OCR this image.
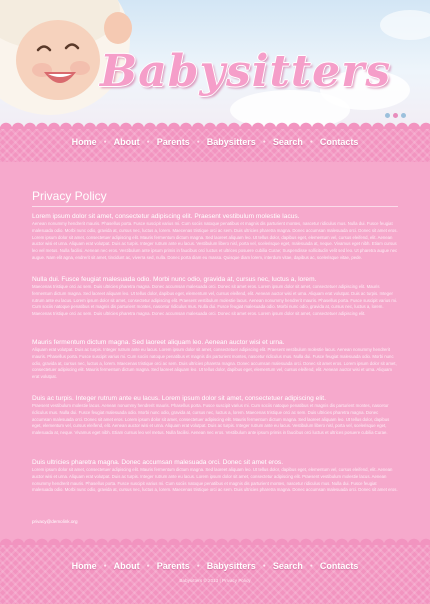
Babysitters
Home	● About	● Parents	● Babysitters	● Search	● Contacts
Privacy Policy
Lorem ipsum dolor sit amet, consectetur adipiscing elit. Praesent vestibulum molestie lacus.
Aenean nonummy hendrerit mauris. Phasellus porta. Fusce suscipit varius mi. Cum sociis natoque penatibus et magnis dis parturient montes, nascetur ridiculus mus. Nulla dui. Fusce feugiat malesuada odio. Morbi nunc odio, gravida at, cursus nec, luctus a, lorem. Maecenas tristique orci ac sem. Duis ultricies pharetra magna. Donec accumsan malesuada orci. Donec sit amet eros. Lorem ipsum dolor sit amet, consectetuer adipiscing elit. Mauris fermentum dictum magna. Sed laoreet aliquam leo. Ut tellus dolor, dapibus eget, elementum vel, cursus eleifend, elit. Aenean auctor wisi et urna. Aliquam erat volutpat. Duis ac turpis. Integer rutrum ante eu lacus. Vestibulum libero nisl, porta vel, scelerisque eget, malesuada at, neque. Vivamus eget nibh. Etiam cursus leo vel metus. Nulla facilisi. Aenean nec eros. Vestibulum ante ipsum primis in faucibus orci luctus et ultrices posuere cubilia Curae; Suspendisse sollicitudin velit sed leo. Ut pharetra augue nec augue. Nam elit agna, endrerit sit amet, tincidunt ac, viverra sed, nulla. Donec porta diam eu massa. Quisque diam lorem, interdum vitae, dapibus ac, scelerisque vitae, pede.
Nulla dui. Fusce feugiat malesuada odio. Morbi nunc odio, gravida at, cursus nec, luctus a, lorem.
Maecenas tristique orci ac sem. Duis ultricies pharetra magna. Donec accumsan malesuada orci. Donec sit amet eros. Lorem ipsum dolor sit amet, consectetuer adipiscing elit. Mauris fermentum dictum magna. Sed laoreet aliquam leo. Ut tellus dolor, dapibus eget, elementum vel, cursus eleifend, elit. Aenean auctor wisi et urna. Aliquam erat volutpat. Duis ac turpis. Integer rutrum ante eu lacus. Lorem ipsum dolor sit amet, consectetur adipiscing elit. Praesent vestibulum molestie lacus. Aenean nonummy hendrerit mauris. Phasellus porta. Fusce suscipit varius mi. Cum sociis natoque penatibus et magnis dis parturient montes, nascetur ridiculus mus. Nulla dui. Fusce feugiat malesuada odio. Morbi nunc odio, gravida at, cursus nec, luctus a, lorem. Maecenas tristique orci ac sem. Duis ultricies pharetra magna. Donec accumsan malesuada orci. Donec sit amet eros. Lorem ipsum dolor sit amet, consectetuer adipiscing elit.
Mauris fermentum dictum magna. Sed laoreet aliquam leo. Aenean auctor wisi et urna.
Aliquam erat volutpat. Duis ac turpis. Integer rutrum ante eu lacus. Lorem ipsum dolor sit amet, consectetuer adipiscing elit. Praesent vestibulum molestie lacus. Aenean nonummy hendrerit mauris. Phasellus porta. Fusce suscipit varius mi. Cum sociis natoque penatibus et magnis dis parturient montes, nascetur ridiculus mus. Nulla dui. Fusce feugiat malesuada odio. Morbi nunc odio, gravida at, cursus nec, luctus a, lorem. Maecenas tristique orci ac sem. Duis ultricies pharetra magna. Donec accumsan malesuada orci. Donec sit amet eros. Lorem ipsum dolor sit amet, consectetuer adipiscing elit. Mauris fermentum dictum magna. Sed laoreet aliquam leo. Ut tellus dolor, dapibus eget, elementum vel, cursus eleifend, elit. Aenean auctor wisi et urna. Aliquam erat volutpat.
Duis ac turpis. Integer rutrum ante eu lacus. Lorem ipsum dolor sit amet, consectetuer adipiscing elit.
Praesent vestibulum molestie lacus. Aenean nonummy hendrerit mauris. Phasellus porta. Fusce suscipit varius mi. Cum sociis natoque penatibus et magnis dis parturient montes, nascetur ridiculus mus. Nulla dui. Fusce feugiat malesuada odio. Morbi nunc odio, gravida at, cursus nec, luctus a, lorem. Maecenas tristique orci ac sem. Duis ultricies pharetra magna. Donec accumsan malesuada orci. Donec sit amet eros. Lorem ipsum dolor sit amet, consectetuer adipiscing elit. Mauris fermentum dictum magna. Sed laoreet aliquam leo. Ut tellus dolor, dapibus eget, elementum vel, cursus eleifend, elit. Aenean auctor wisi et urna. Aliquam erat volutpat. Duis ac turpis. Integer rutrum ante eu lacus. Vestibulum libero nisl, porta vel, scelerisque eget, malesuada at, neque. Vivamus eget nibh. Etiam cursus leo vel metus. Nulla facilisi. Aenean nec eros. Vestibulum ante ipsum primis in faucibus orci luctus et ultrices posuere cubilia Curae.
Duis ultricies pharetra magna. Donec accumsan malesuada orci. Donec sit amet eros.
Lorem ipsum dolor sit amet, consectetuer adipiscing elit. Mauris fermentum dictum magna. Sed laoreet aliquam leo. Ut tellus dolor, dapibus eget, elementum vel, cursus eleifend, elit. Aenean auctor wisi et urna. Aliquam erat volutpat. Duis ac turpis. Integer rutrum ante eu lacus. Lorem ipsum dolor sit amet, consectetur adipiscing elit. Praesent vestibulum molestie lacus. Aenean nonummy hendrerit mauris. Phasellus porta. Fusce suscipit varius mi. Cum sociis natoque penatibus et magnis dis parturient montes, nascetur ridiculus mus. Nulla dui. Fusce feugiat malesuada odio. Morbi nunc odio, gravida at, cursus nec, luctus a, lorem. Maecenas tristique orci ac sem. Duis ultricies pharetra magna. Donec accumsan malesuada orci. Donec sit amet eros.
privacy@demolink.org
Home	● About	● Parents	● Babysitters	● Search	● Contacts
Babysitters © 2013 | Privacy Policy
